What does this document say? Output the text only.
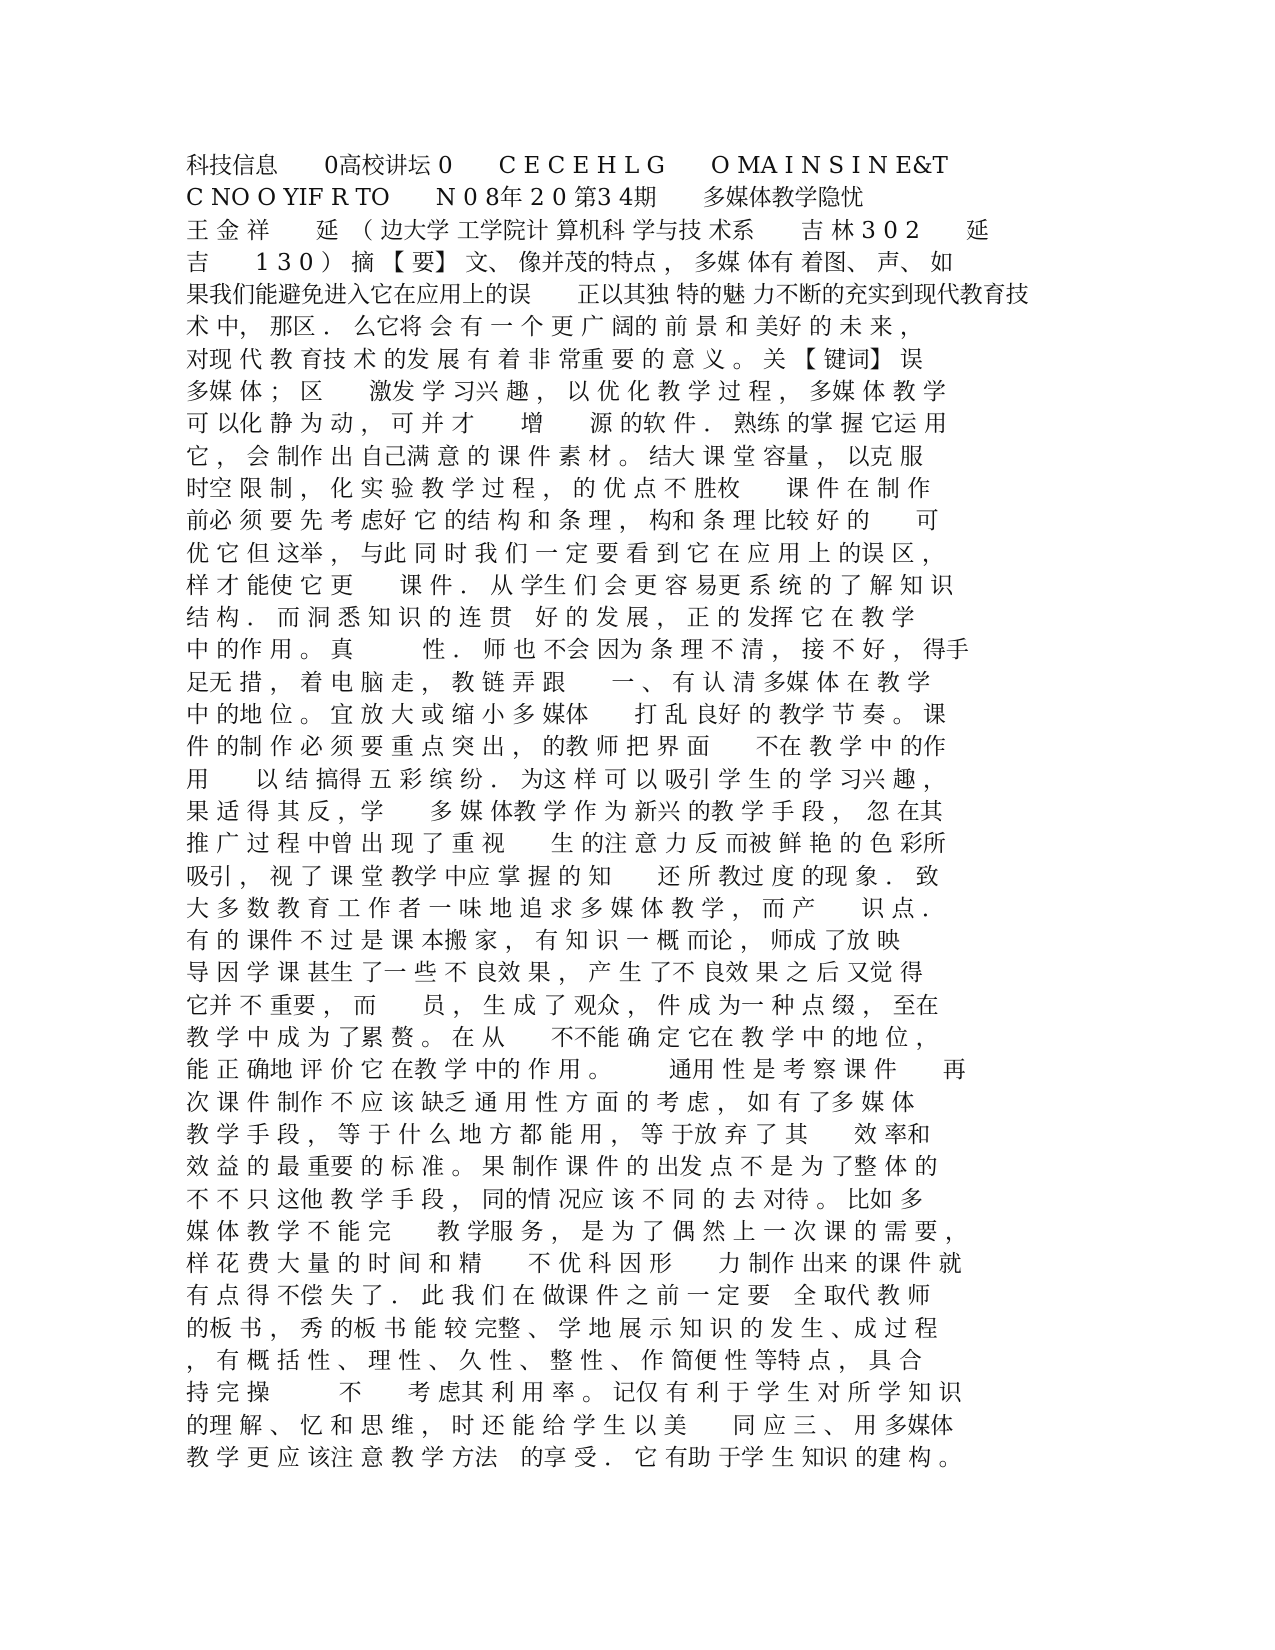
科技信息　　0高校讲坛 0　　C E C E H L G　　O MA I N S I N E&T
C NO O YIF R TO　　N 0 8年 2 0 第3 4期　　多媒体教学隐忧
王 金 祥　　延　（ 边大学 工学院计 算机科 学与技 术系　　吉 林 3 0 2　　延
吉　　1 3 0 ） 摘 【 要】 文、 像并茂的特点 ， 多媒 体有 着图、 声、 如
果我们能避免进入它在应用上的误　　正以其独 特的魅 力不断的充实到现代教育技
术 中， 那区 ． 么它将 会 有 一 个 更 广 阔的 前 景 和 美好 的 未 来 ，
对现 代 教 育技 术 的发 展 有 着 非 常重 要 的 意 义 。 关 【 键词】 误
多媒 体 ； 区　　激发 学 习兴 趣 ， 以 优 化 教 学 过 程 ， 多媒 体 教 学
可 以化 静 为 动 ， 可 并 才　　增　　源 的软 件 ． 熟练 的掌 握 它运 用
它 ， 会 制作 出 自己满 意 的 课 件 素 材 。 结大 课 堂 容量 ， 以克 服
时空 限 制 ， 化 实 验 教 学 过 程 ， 的 优 点 不 胜枚　　课 件 在 制 作
前必 须 要 先 考 虑好 它 的结 构 和 条 理 ， 构和 条 理 比较 好 的　　可
优 它 但 这举 ， 与此 同 时 我 们 一 定 要 看 到 它 在 应 用 上 的误 区 ，
样 才 能使 它 更　　课 件 ． 从 学生 们 会 更 容 易更 系 统 的 了 解 知 识
结 构 ． 而 洞 悉 知 识 的 连 贯　好 的 发 展 ， 正 的 发挥 它 在 教 学
中 的作 用 。 真　　　性 ． 师 也 不会 因为 条 理 不 清 ， 接 不 好 ， 得手
足无 措 ， 着 电 脑 走 ， 教 链 弄 跟　　一 、 有 认 清 多媒 体 在 教 学
中 的地 位 。 宜 放 大 或 缩 小 多 媒体　　打 乱 良好 的 教学 节 奏 。 课
件 的制 作 必 须 要 重 点 突 出 ， 的教 师 把 界 面　　不在 教 学 中 的作
用　　以 结 搞得 五 彩 缤 纷 ． 为这 样 可 以 吸引 学 生 的 学 习兴 趣 ，
果 适 得 其 反 ，学　　多 媒 体教 学 作 为 新兴 的教 学 手 段 ，　忽 在其
推 广 过 程 中曾 出 现 了 重 视　　生 的注 意 力 反 而被 鲜 艳 的 色 彩所
吸引 ， 视 了 课 堂 教学 中应 掌 握 的 知　　还 所 教过 度 的现 象 ． 致
大 多 数 教 育 工 作 者 一 味 地 追 求 多 媒 体 教 学 ， 而 产　　识 点 ．
有 的 课件 不 过 是 课 本搬 家 ， 有 知 识 一 概 而论 ， 师成 了放 映
导 因 学 课 甚生 了一 些 不 良效 果 ， 产 生 了不 良效 果 之 后 又觉 得
它并 不 重要 ， 而　　员 ， 生 成 了 观众 ， 件 成 为一 种 点 缀 ， 至在
教 学 中 成 为 了累 赘 。 在 从　　不不能 确 定 它在 教 学 中 的地 位 ，
能 正 确地 评 价 它 在教 学 中的 作 用 。　　　通用 性 是 考 察 课 件　　再
次 课 件 制作 不 应 该 缺乏 通 用 性 方 面 的 考 虑 ， 如 有 了多 媒 体
教 学 手 段 ， 等 于 什 么 地 方 都 能 用 ， 等 于放 弃 了 其　　效 率和
效 益 的 最 重要 的 标 准 。 果 制作 课 件 的 出发 点 不 是 为 了整 体 的
不 不 只 这他 教 学 手 段 ， 同的情 况应 该 不 同 的 去 对待 。 比如 多
媒 体 教 学 不 能 完　　教 学服 务 ， 是 为 了 偶 然 上 一 次 课 的 需 要 ，
样 花 费 大 量 的 时 间 和 精　　不 优 科 因 形　　力 制作 出来 的课 件 就
有 点 得 不偿 失 了 ． 此 我 们 在 做课 件 之 前 一 定 要　全 取代 教 师
的板 书 ， 秀 的板 书 能 较 完整 、 学 地 展 示 知 识 的 发 生 、成 过 程
， 有 概 括 性 、 理 性 、 久 性 、 整 性 、 作 简便 性 等特 点 ， 具 合
持 完 操　　　不　　考 虑其 利 用 率 。 记仅 有 利 于 学 生 对 所 学 知 识
的理 解 、 忆 和 思 维 ， 时 还 能 给 学 生 以 美　　同 应 三 、 用 多媒体
教 学 更 应 该注 意 教 学 方法　的享 受 ． 它 有助 于学 生 知识 的建 构 。
